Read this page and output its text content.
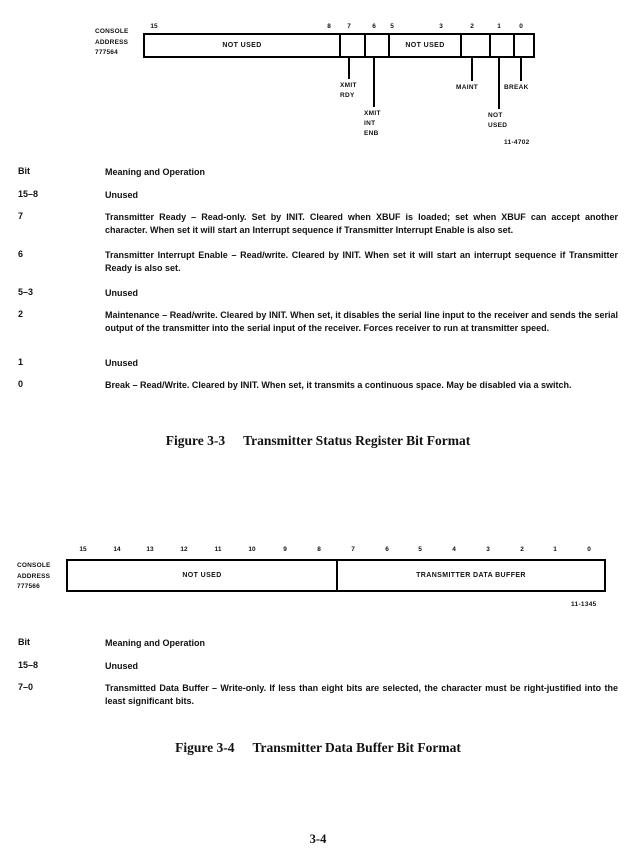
CONSOLE
ADDRESS
777564
15	8	7	6 5	3	2	1	0
NOT USED	NOT USED
XMIT
RDY
XMIT
INT
ENB
MAINT
NOT
USED
BREAK
11-4702
Bit	Meaning and Operation
15–8	Unused
7	Transmitter Ready – Read-only. Set by INIT. Cleared when XBUF is loaded; set when XBUF can accept another character. When set it will start an Interrupt sequence if Transmitter Interrupt Enable is also set.
6	Transmitter Interrupt Enable – Read/write. Cleared by INIT. When set it will start an interrupt sequence if Transmitter Ready is also set.
5–3	Unused
2	Maintenance – Read/write. Cleared by INIT. When set, it disables the serial line input to the receiver and sends the serial output of the transmitter into the serial input of the receiver. Forces receiver to run at transmitter speed.
1	Unused
0	Break – Read/Write. Cleared by INIT. When set, it transmits a continuous space. May be disabled via a switch.
Figure 3-3 Transmitter Status Register Bit Format
CONSOLE
ADDRESS
777566
15	14	13	12	11	10	9	8	7	6	5	4	3	2	1	0
NOT USED	TRANSMITTER DATA BUFFER
11-1345
Bit	Meaning and Operation
15–8	Unused
7–0	Transmitted Data Buffer – Write-only. If less than eight bits are selected, the character must be right-justified into the least significant bits.
Figure 3-4 Transmitter Data Buffer Bit Format
3-4
